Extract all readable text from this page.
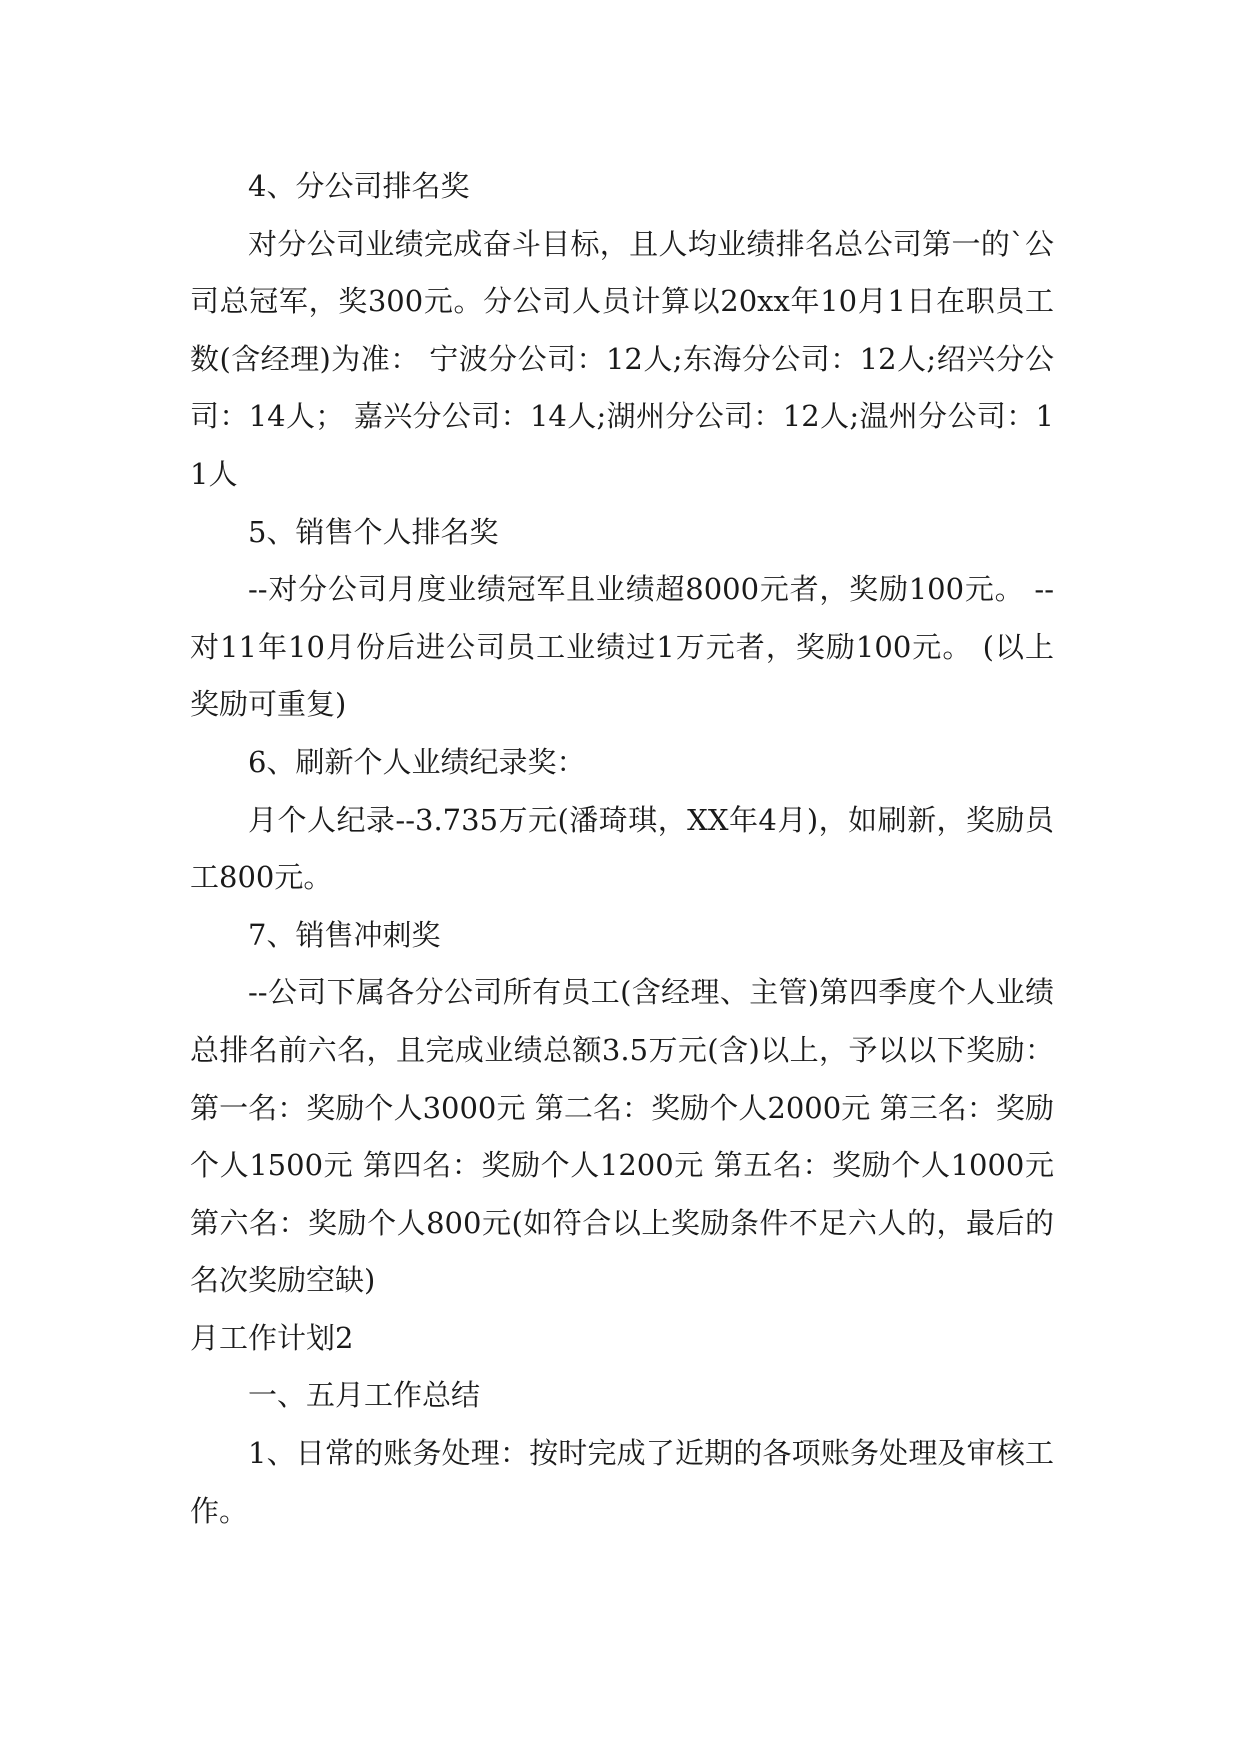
4、分公司排名奖

对分公司业绩完成奋斗目标，且人均业绩排名总公司第一的`公司总冠军，奖300元。分公司人员计算以20xx年10月1日在职员工数(含经理)为准： 宁波分公司：12人;东海分公司：12人;绍兴分公司：14人； 嘉兴分公司：14人;湖州分公司：12人;温州分公司：11人

5、销售个人排名奖

--对分公司月度业绩冠军且业绩超8000元者，奖励100元。 --对11年10月份后进公司员工业绩过1万元者，奖励100元。 (以上奖励可重复)

6、刷新个人业绩纪录奖：

月个人纪录--3.735万元(潘琦琪，XX年4月)，如刷新，奖励员工800元。

7、销售冲刺奖

--公司下属各分公司所有员工(含经理、主管)第四季度个人业绩总排名前六名，且完成业绩总额3.5万元(含)以上，予以以下奖励： 第一名：奖励个人3000元 第二名：奖励个人2000元 第三名：奖励个人1500元 第四名：奖励个人1200元 第五名：奖励个人1000元 第六名：奖励个人800元(如符合以上奖励条件不足六人的，最后的名次奖励空缺)

月工作计划2

一、五月工作总结

1、日常的账务处理：按时完成了近期的各项账务处理及审核工作。
